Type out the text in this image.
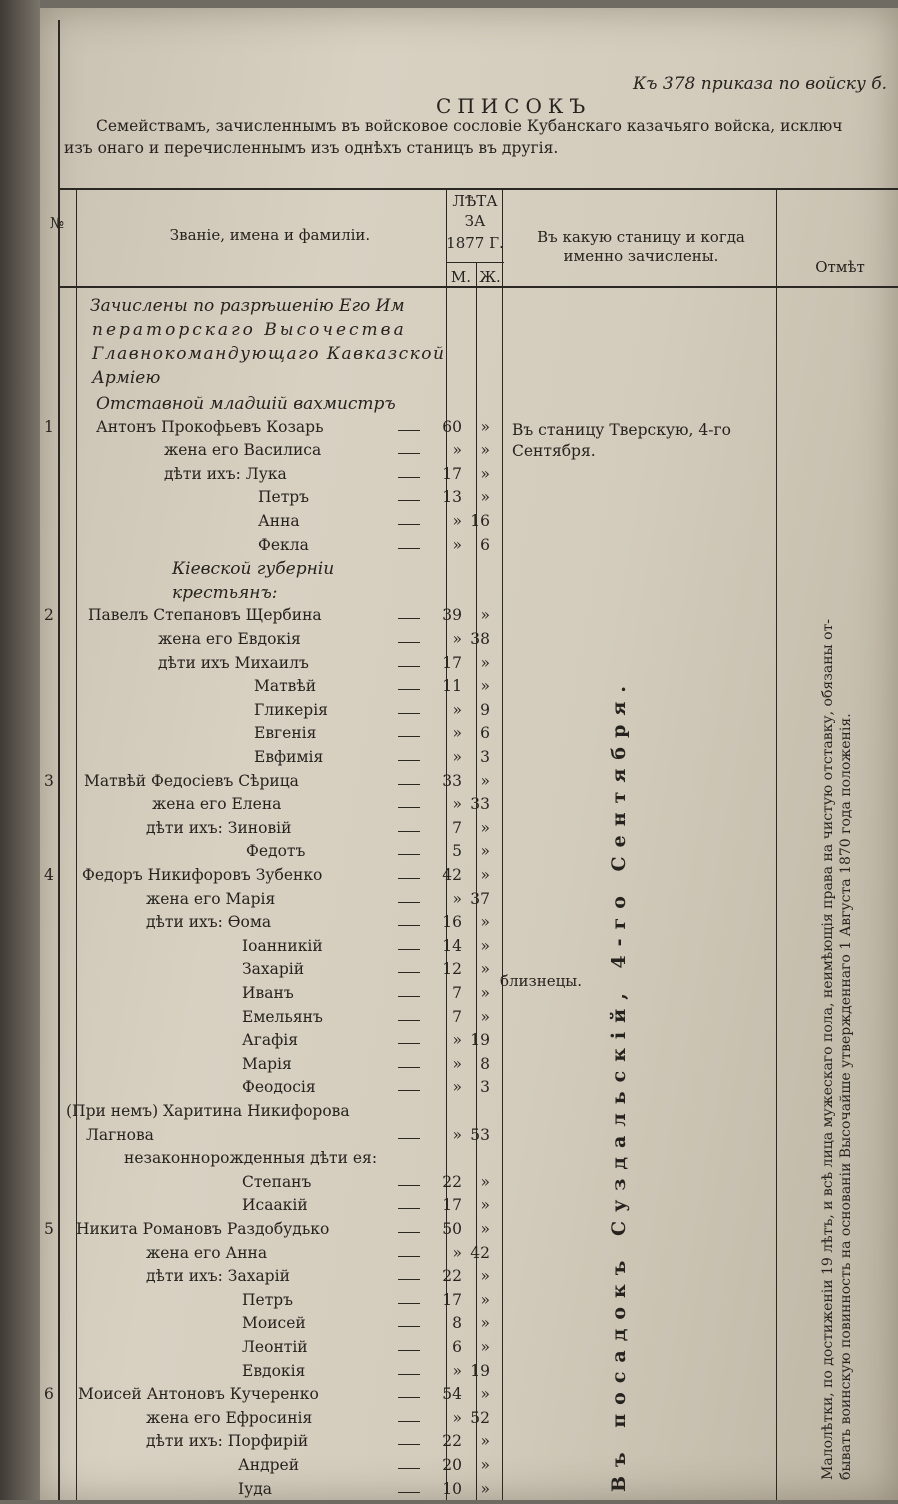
Къ 378 приказа по войску б.
СПИСОКЪ
Семействамъ, зачисленнымъ въ войсковое сословіе Кубанскаго казачьяго войска, исключ
изъ онаго и перечисленнымъ изъ однѣхъ станицъ въ другія.
№
Званіе, имена и фамиліи.
ЛѢТА
ЗА
1877 Г.
М. Ж.
Въ какую станицу и когда именно зачислены.
Отмѣт
Зачислены по разрѣшенію Его Им
ператорскаго Высочества
Главнокомандующаго Кавказской
Арміею
Отставной младшій вахмистръ
1	Антонъ Прокофьевъ Козарь	60	»
жена его Василиса	»	»
дѣти ихъ: Лука	17	»
Петръ	13	»
Анна	» 16
Фекла	»	6
Кіевской губерніи
крестьянъ:
2 Павелъ Степановъ Щербина	39	»
жена его Евдокія	» 38
дѣти ихъ Михаилъ	17	»
Матвѣй	11	»
Гликерія	»	9
Евгенія	»	6
Евфимія	»	3
3 Матвѣй Федосіевъ Сѣрица	33	»
жена его Елена	» 33
дѣти ихъ: Зиновій	7	»
Федотъ	5	»
4 Федоръ Никифоровъ Зубенко	42	»
жена его Марія	» 37
дѣти ихъ: Ѳома	16	»
Іоанникій	14	»
Захарій	12	»
Иванъ	7	»
Емельянъ	7	»
Агафія	» 19
Марія	»	8
Феодосія	»	3
(При немъ) Харитина Никифорова
Лагнова	» 53
незаконнорожденныя дѣти ея:
Степанъ	22	»
Исаакій	17	»
5 Никита Романовъ Раздобудько	50	»
жена его Анна	» 42
дѣти ихъ: Захарій	22	»
Петръ	17	»
Моисей	8	»
Леонтій	6	»
Евдокія	» 19
6 Моисей Антоновъ Кучеренко	54	»
жена его Ефросинія	» 52
дѣти ихъ: Порфирій	22	»
Андрей	20	»
Іуда	10	»
Въ станицу Тверскую, 4-го Сентября.
Въ посадокъ Суздальскій, 4-го Сентября.
близнецы.	Малолѣтки, по достиженіи 19 лѣтъ, и всѣ лица мужескаго пола, неимѣющія права на чистую отставку, обязаны от- бывать воинскую повинность на основаніи Высочайше утвержденнаго 1 Августа 1870 года положенія.
